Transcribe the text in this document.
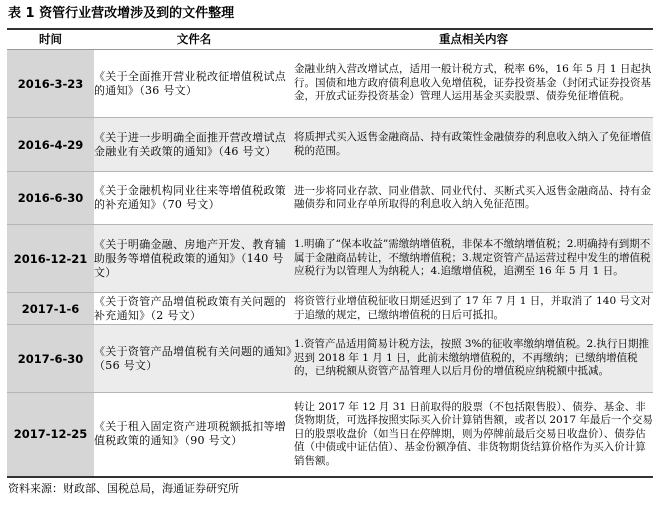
表 1 资管行业营改增涉及到的文件整理
时间	文件名	重点相关内容
2016-3-23	《关于全面推开营业税改征增值税试点的通知》（36 号文）	金融业纳入营改增试点，适用一般计税方式，税率 6%，16 年 5 月 1 日起执行。国债和地方政府债利息收入免增值税，证券投资基金（封闭式证券投资基金，开放式证券投资基金）管理人运用基金买卖股票、债券免征增值税。
2016-4-29	《关于进一步明确全面推开营改增试点金融业有关政策的通知》（46 号文）	将质押式买入返售金融商品、持有政策性金融债券的利息收入纳入了免征增值税的范围。
2016-6-30	《关于金融机构同业往来等增值税政策的补充通知》（70 号文）	进一步将同业存款、同业借款、同业代付、买断式买入返售金融商品、持有金融债券和同业存单所取得的利息收入纳入免征范围。
2016-12-21	《关于明确金融、房地产开发、教育辅助服务等增值税政策的通知》（140 号文）	1.明确了“保本收益”需缴纳增值税，非保本不缴纳增值税；2.明确持有到期不属于金融商品转让，不缴纳增值税；3.规定资管产品运营过程中发生的增值税应税行为以管理人为纳税人；4.追缴增值税，追溯至 16 年 5 月 1 日。
2017-1-6	《关于资管产品增值税政策有关问题的补充通知》（2 号文）	将资管行业增值税征收日期延迟到了 17 年 7 月 1 日，并取消了 140 号文对于追缴的规定，已缴纳增值税的日后可抵扣。
2017-6-30	《关于资管产品增值税有关问题的通知》（56 号文）	1.资管产品适用简易计税方法，按照 3%的征收率缴纳增值税。2.执行日期推迟到 2018 年 1 月 1 日，此前未缴纳增值税的，不再缴纳；已缴纳增值税的，已纳税额从资管产品管理人以后月份的增值税应纳税额中抵减。
2017-12-25	《关于租入固定资产进项税额抵扣等增值税政策的通知》（90 号文）	转让 2017 年 12 月 31 日前取得的股票（不包括限售股）、债券、基金、非货物期货，可选择按照实际买入价计算销售额，或者以 2017 年最后一个交易日的股票收盘价（如当日在停牌期，则为停牌前最后交易日收盘价）、债券估值（中债或中证估值）、基金份额净值、非货物期货结算价格作为买入价计算销售额。
资料来源：财政部、国税总局，海通证券研究所
